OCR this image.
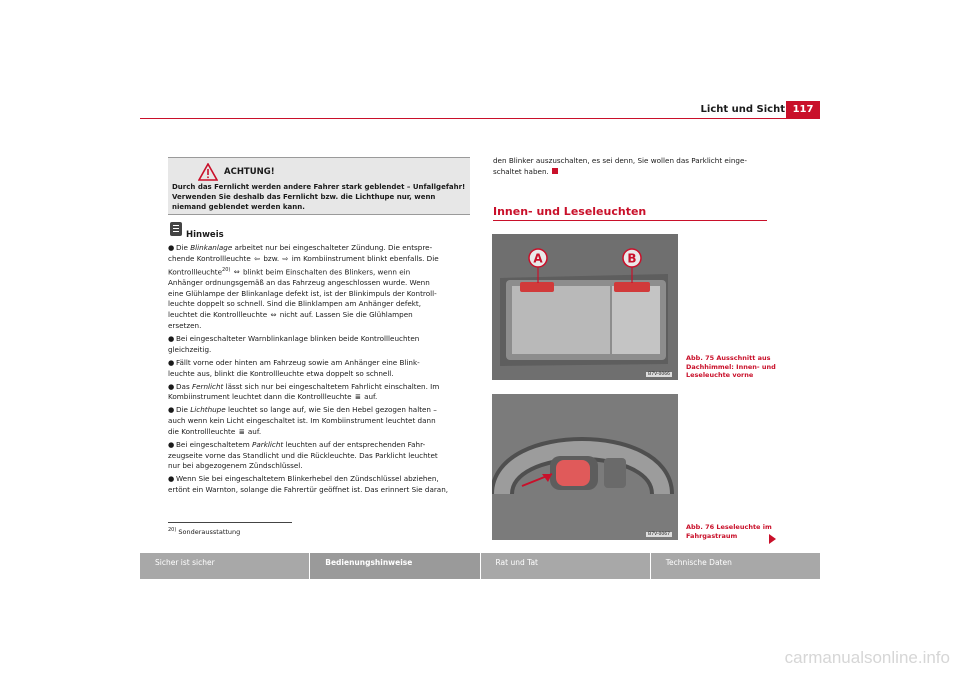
Licht und Sicht 117
ACHTUNG!
Durch das Fernlicht werden andere Fahrer stark geblendet – Unfallgefahr!
Verwenden Sie deshalb das Fernlicht bzw. die Lichthupe nur, wenn
niemand geblendet werden kann.
Hinweis

● Die Blinkanlage arbeitet nur bei eingeschalteter Zündung. Die entspre-
chende Kontrollleuchte ⇦ bzw. ⇨ im Kombiinstrument blinkt ebenfalls. Die
Kontrollleuchte$^{20)}$ ⇔ blinkt beim Einschalten des Blinkers, wenn ein
Anhänger ordnungsgemäß an das Fahrzeug angeschlossen wurde. Wenn
eine Glühlampe der Blinkanlage defekt ist, ist der Blinkimpuls der Kontroll-
leuchte doppelt so schnell. Sind die Blinklampen am Anhänger defekt,
leuchtet die Kontrollleuchte ⇔ nicht auf. Lassen Sie die Glühlampen
ersetzen.

● Bei eingeschalteter Warnblinkanlage blinken beide Kontrollleuchten
gleichzeitig.

● Fällt vorne oder hinten am Fahrzeug sowie am Anhänger eine Blink-
leuchte aus, blinkt die Kontrollleuchte etwa doppelt so schnell.

● Das Fernlicht lässt sich nur bei eingeschaltetem Fahrlicht einschalten. Im
Kombiinstrument leuchtet dann die Kontrollleuchte ≣ auf.

● Die Lichthupe leuchtet so lange auf, wie Sie den Hebel gezogen halten –
auch wenn kein Licht eingeschaltet ist. Im Kombiinstrument leuchtet dann
die Kontrollleuchte ≣ auf.

● Bei eingeschaltetem Parklicht leuchten auf der entsprechenden Fahr-
zeugseite vorne das Standlicht und die Rückleuchte. Das Parklicht leuchtet
nur bei abgezogenem Zündschlüssel.

● Wenn Sie bei eingeschaltetem Blinkerhebel den Zündschlüssel abziehen,
ertönt ein Warnton, solange die Fahrertür geöffnet ist. Das erinnert Sie daran,

$^{20)}$ Sonderausstattung
den Blinker auszuschalten, es sei denn, Sie wollen das Parklicht einge-
schaltet haben.
Innen- und Leseleuchten
A	B
B7V-0066
Abb. 75 Ausschnitt aus
Dachhimmel: Innen- und
Leseleuchte vorne
B7V-0067
Abb. 76 Leseleuchte im
Fahrgastraum
Sicher ist sicher	Bedienungshinweise	Rat und Tat	Technische Daten
carmanualsonline.info
